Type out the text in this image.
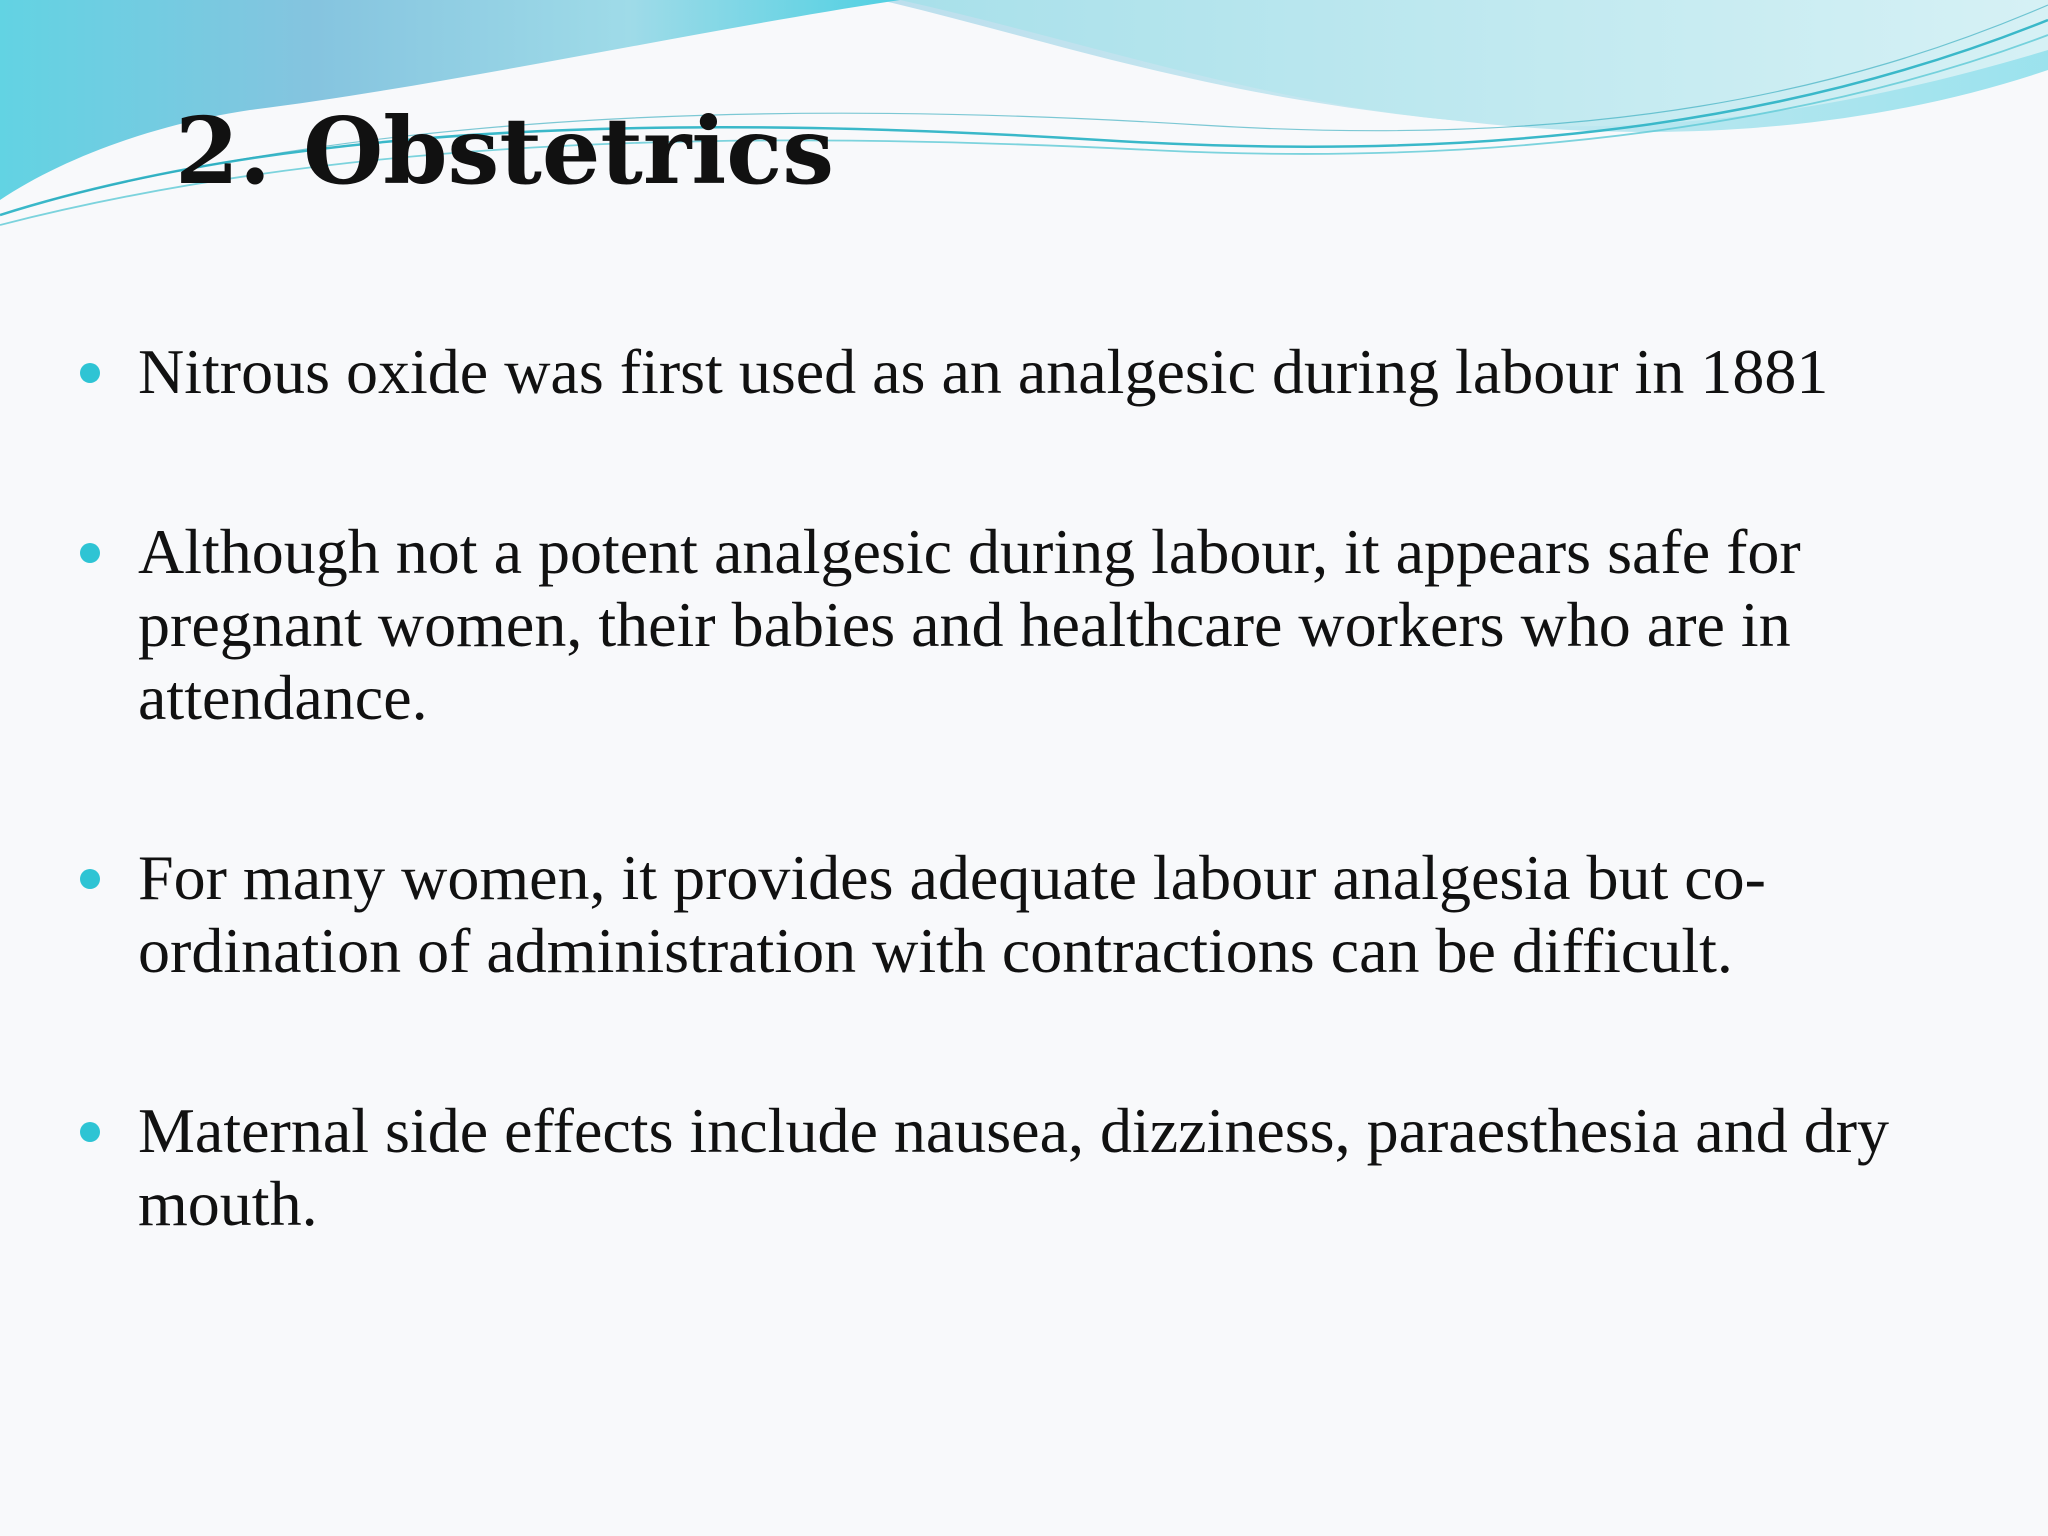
2. Obstetrics
Nitrous oxide was first used as an analgesic during labour in 1881
Although not a potent analgesic during labour, it appears safe for pregnant women, their babies and healthcare workers who are in attendance.
For many women, it provides adequate labour analgesia but co-ordination of administration with contractions can be difficult.
Maternal side effects include nausea, dizziness, paraesthesia and dry mouth.
